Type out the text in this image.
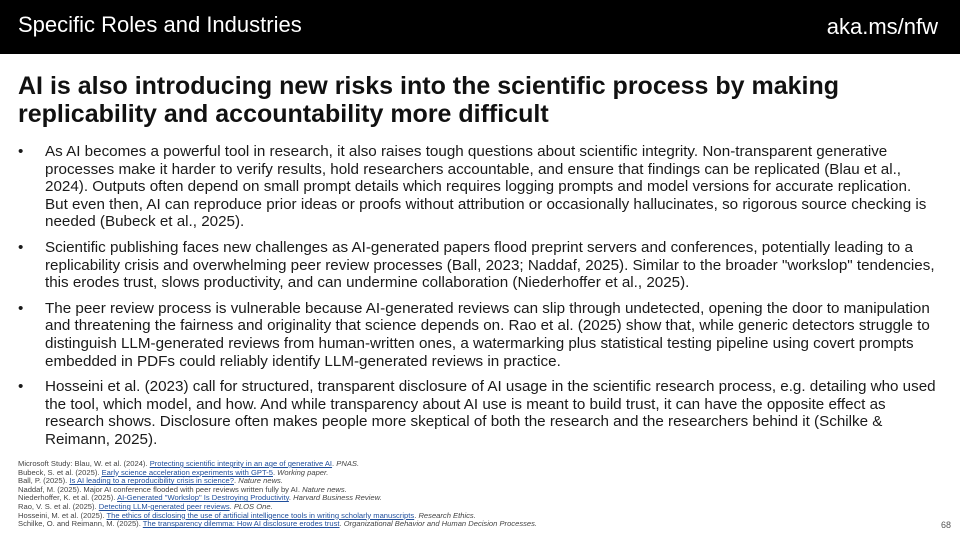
Specific Roles and Industries	aka.ms/nfw
AI is also introducing new risks into the scientific process by making replicability and accountability more difficult
• As AI becomes a powerful tool in research, it also raises tough questions about scientific integrity. Non-transparent generative processes make it harder to verify results, hold researchers accountable, and ensure that findings can be replicated (Blau et al., 2024). Outputs often depend on small prompt details which requires logging prompts and model versions for accurate replication. But even then, AI can reproduce prior ideas or proofs without attribution or occasionally hallucinates, so rigorous source checking is needed (Bubeck et al., 2025).
• Scientific publishing faces new challenges as AI-generated papers flood preprint servers and conferences, potentially leading to a replicability crisis and overwhelming peer review processes (Ball, 2023; Naddaf, 2025). Similar to the broader "workslop" tendencies, this erodes trust, slows productivity, and can undermine collaboration (Niederhoffer et al., 2025).
• The peer review process is vulnerable because AI-generated reviews can slip through undetected, opening the door to manipulation and threatening the fairness and originality that science depends on. Rao et al. (2025) show that, while generic detectors struggle to distinguish LLM-generated reviews from human-written ones, a watermarking plus statistical testing pipeline using covert prompts embedded in PDFs could reliably identify LLM-generated reviews in practice.
• Hosseini et al. (2023) call for structured, transparent disclosure of AI usage in the scientific research process, e.g. detailing who used the tool, which model, and how. And while transparency about AI use is meant to build trust, it can have the opposite effect as research shows. Disclosure often makes people more skeptical of both the research and the researchers behind it (Schilke & Reimann, 2025).
Microsoft Study: Blau, W. et al. (2024). Protecting scientific integrity in an age of generative AI. PNAS.
Bubeck, S. et al. (2025). Early science acceleration experiments with GPT-5. Working paper.
Ball, P. (2025). Is AI leading to a reproducibility crisis in science?. Nature news.
Naddaf, M. (2025). Major AI conference flooded with peer reviews written fully by AI. Nature news.
Niederhoffer, K. et al. (2025). AI-Generated "Workslop" Is Destroying Productivity. Harvard Business Review.
Rao, V. S. et al. (2025). Detecting LLM-generated peer reviews. PLOS One.
Hosseini, M. et al. (2025). The ethics of disclosing the use of artificial intelligence tools in writing scholarly manuscripts. Research Ethics.
Schilke, O. and Reimann, M. (2025). The transparency dilemma: How AI disclosure erodes trust. Organizational Behavior and Human Decision Processes.	68
